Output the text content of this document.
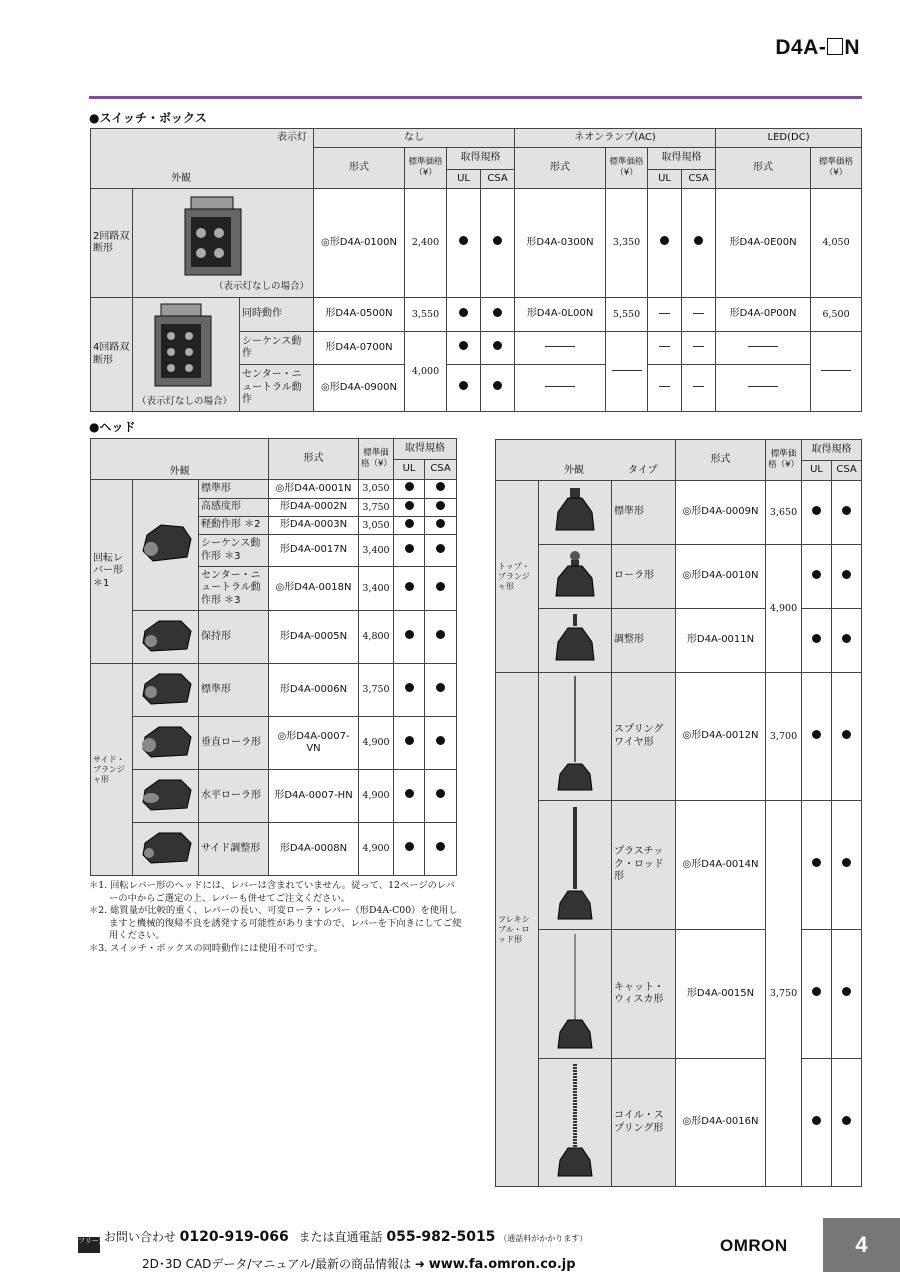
D4A- N
●スイッチ・ボックス
表示灯
外観			なし				ネオンランプ(AC)				LED(DC)	
			形式	標準価格（¥）	取得規格		形式	標準価格（¥）	取得規格		形式	標準価格（¥）
					UL	CSA			UL	CSA		
2回路双断形	（表示灯なしの場合）		◎形D4A-0100N	2,400			形D4A-0300N	3,350			形D4A-0E00N	4,050
4回路双断形	（表示灯なしの場合）	同時動作	形D4A-0500N	3,550			形D4A-0L00N	5,550			形D4A-0P00N	6,500
		シーケンス動作	形D4A-0700N	4,000								
		センター・ニュートラル動作	◎形D4A-0900N									
●ヘッド
外観			形式	標準価格（¥）	取得規格	
					UL	CSA
回転レバー形＊1		標準形	◎形D4A-0001N	3,050		
		高感度形	形D4A-0002N	3,750		
		軽動作形 ＊2	形D4A-0003N	3,050		
		シーケンス動作形 ＊3	形D4A-0017N	3,400		
		センター・ニュートラル動作形 ＊3	◎形D4A-0018N	3,400		
	保持形	形D4A-0005N	4,800		
サイド・プランジャ形		標準形	形D4A-0006N	3,750		
	垂直ローラ形	◎形D4A-0007-VN	4,900		
	水平ローラ形	形D4A-0007-HN	4,900		
	サイド調整形	形D4A-0008N	4,900		
外観 タイプ			形式	標準価格（¥）	取得規格	
					UL	CSA
トップ・プランジャ形		標準形	◎形D4A-0009N	3,650		
	ローラ形	◎形D4A-0010N	4,900		
	調整形	形D4A-0011N			
フレキシブル・ロッド形		スプリングワイヤ形	◎形D4A-0012N	3,700		
	プラスチック・ロッド形	◎形D4A-0014N	3,750		
	キャット・ウィスカ形	形D4A-0015N			
	コイル・スプリング形	◎形D4A-0016N			
＊1. 回転レバー形のヘッドには、レバーは含まれていません。従って、12ページのレバーの中からご選定の上、レバーも併せてご注文ください。
＊2. 総質量が比較的重く、レバーの長い、可変ローラ・レバー（形D4A-C00）を使用しますと機械的復帰不良を誘発する可能性がありますので、レバーを下向きにしてご使用ください。
＊3. スイッチ・ボックスの同時動作には使用不可です。
フリー通話 お問い合わせ 0120-919-066 または直通電話 055-982-5015 （通話料がかかります）
2D･3D CADデータ/マニュアル/最新の商品情報は ➜ www.fa.omron.co.jp
OMRON	4
